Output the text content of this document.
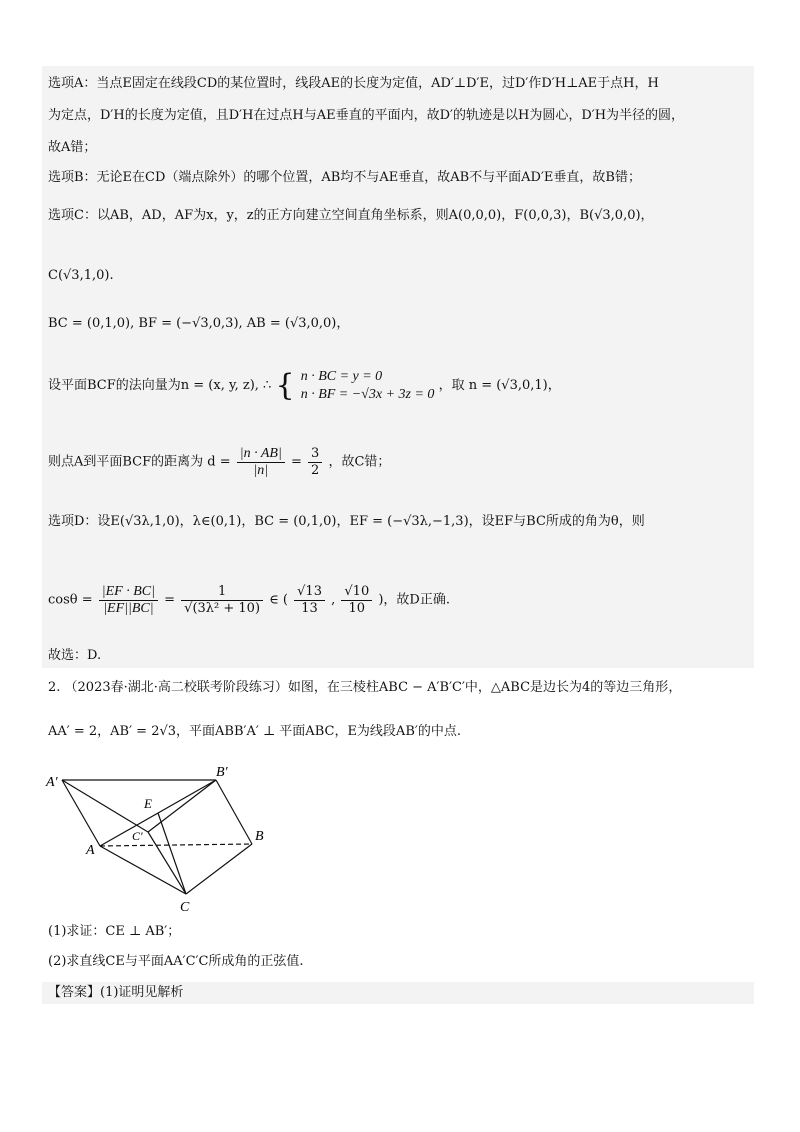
选项A：当点E固定在线段CD的某位置时，线段AE的长度为定值，AD′⊥D′E，过D′作D′H⊥AE于点H，H
为定点，D′H的长度为定值，且D′H在过点H与AE垂直的平面内，故D′的轨迹是以H为圆心，D′H为半径的圆，
故A错；
选项B：无论E在CD（端点除外）的哪个位置，AB均不与AE垂直，故AB不与平面AD′E垂直，故B错；
选项C：以AB，AD，AF为x，y，z的正方向建立空间直角坐标系，则A(0,0,0)，F(0,0,3)，B(√3,0,0)，
C(√3,1,0).
BC = (0,1,0), BF = (−√3,0,3), AB = (√3,0,0)，
设平面BCF的法向量为n = (x, y, z), ∴ { n · BC = y = 0
n · BF = −√3x + 3z = 0
，取 n = (√3,0,1)，
则点A到平面BCF的距离为 $d = \frac{|n \cdot AB|}{|n|} = \frac{3}{2}$ ，故C错；
选项D：设E(√3λ,1,0)，λ∈(0,1)，BC = (0,1,0)，EF = (−√3λ,−1,3)，设EF与BC所成的角为θ，则
$\cos\theta = \frac{|EF \cdot BC|}{|EF||BC|} = \frac{1}{\text{√(3λ² + 10)}}$ ∈ ( $\frac{√13}{13}$ , $\frac{√10}{10}$ )，故D正确.
故选：D.
2. （2023春·湖北·高二校联考阶段练习）如图，在三棱柱ABC − A′B′C′中，△ABC是边长为4的等边三角形，
AA′ = 2，AB′ = 2√3，平面ABB′A′ ⊥ 平面ABC，E为线段AB′的中点.
A′
B′
E
C′
A
B
C
(1)求证：CE ⊥ AB′；
(2)求直线CE与平面AA′C′C所成角的正弦值.
【答案】(1)证明见解析
